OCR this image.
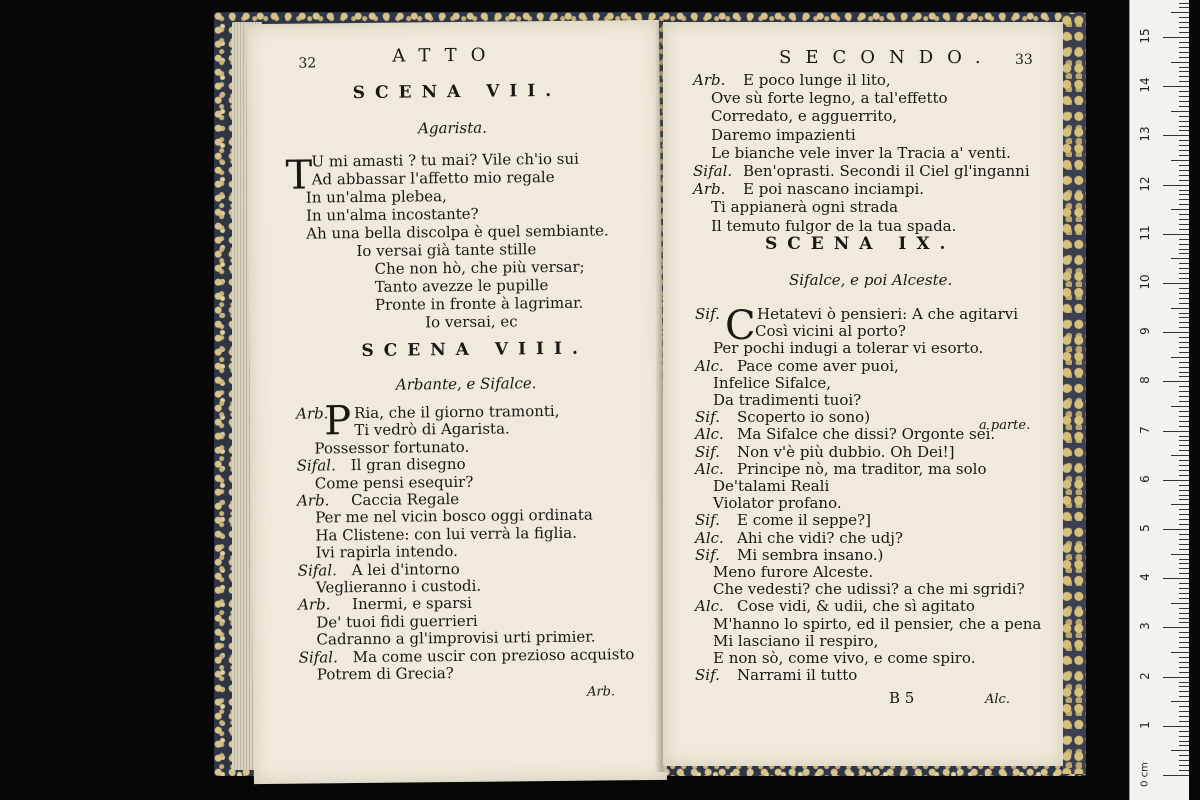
32	ATTO
SCENA VII.
Agarista.
T
U mi amasti ? tu mai? Vile ch'io sui
Ad abbassar l'affetto mio regale
In un'alma plebea,
In un'alma incostante?
Ah una bella discolpa è quel sembiante.
Io versai già tante stille
Che non hò, che più versar;
Tanto avezze le pupille
Pronte in fronte à lagrimar.
Io versai, ec
SCENA VIII.
Arbante, e Sifalce.
P
Arb. Ria, che il giorno tramonti,
Ti vedrò di Agarista.
Possessor fortunato.
Sifal. Il gran disegno
Come pensi esequir?
Arb. Caccia Regale
Per me nel vicin bosco oggi ordinata
Ha Clistene: con lui verrà la figlia.
Ivi rapirla intendo.
Sifal. A lei d'intorno
Veglieranno i custodi.
Arb. Inermi, e sparsi
De' tuoi fidi guerrieri
Cadranno a gl'improvisi urti primier.
Sifal. Ma come uscir con prezioso acquisto
Potrem di Grecia?
Arb.
SECONDO. 33
Arb. E poco lunge il lito,
Ove sù forte legno, a tal'effetto
Corredato, e agguerrito,
Daremo impazienti
Le bianche vele inver la Tracia a' venti.
Sifal. Ben'oprasti. Secondi il Ciel gl'inganni
Arb. E poi nascano inciampi.
Ti appianerà ogni strada
Il temuto fulgor de la tua spada.
SCENA IX.
Sifalce, e poi Alceste.
C
Sif. Hetatevi ò pensieri: A che agitarvi
Così vicini al porto?
Per pochi indugi a tolerar vi esorto.
Alc. Pace come aver puoi,
Infelice Sifalce,
Da tradimenti tuoi?
Sif. Scoperto io sono)
Alc. Ma Sifalce che dissi? Orgonte sei.
Sif. Non v'è più dubbio. Oh Dei!]
Alc. Principe nò, ma traditor, ma solo
De'talami Reali
Violator profano.
Sif. E come il seppe?]
Alc. Ahi che vidi? che udj?
Sif. Mi sembra insano.)
Meno furore Alceste.
Che vedesti? che udissi? a che mi sgridi?
Alc. Cose vidi, & udii, che sì agitato
M'hanno lo spirto, ed il pensier, che a pena
Mi lasciano il respiro,
E non sò, come vivo, e come spiro.
Sif. Narrami il tutto
a parte.
B 5	Alc.
1
2
3
4
5
6
7
8
9
10
11
12
13
14
15
0 cm
